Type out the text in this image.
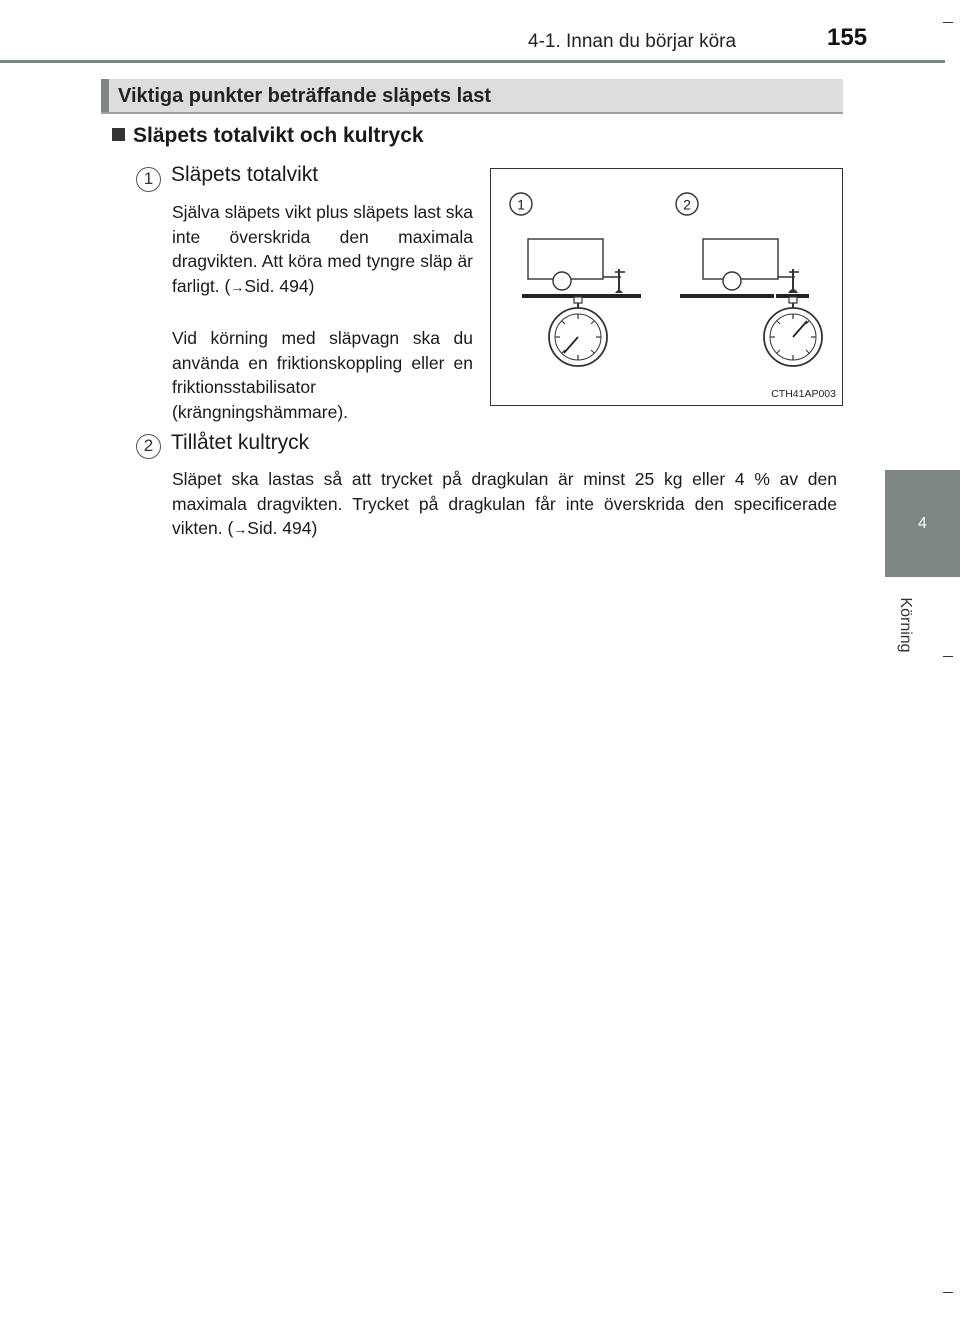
4-1. Innan du börjar köra	155
4
Körning
Viktiga punkter beträffande släpets last
Släpets totalvikt och kultryck
1 Släpets totalvikt
Själva släpets vikt plus släpets last ska inte överskrida den maximala dragvikten. Att köra med tyngre släp är farligt. (→Sid. 494)
Vid körning med släpvagn ska du använda en friktionskoppling eller en friktionsstabilisator (krängningshämmare).
2 Tillåtet kultryck
Släpet ska lastas så att trycket på dragkulan är minst 25 kg eller 4 % av den maximala dragvikten. Trycket på dragkulan får inte överskrida den specificerade vikten. (→Sid. 494)
1	2
CTH41AP003
